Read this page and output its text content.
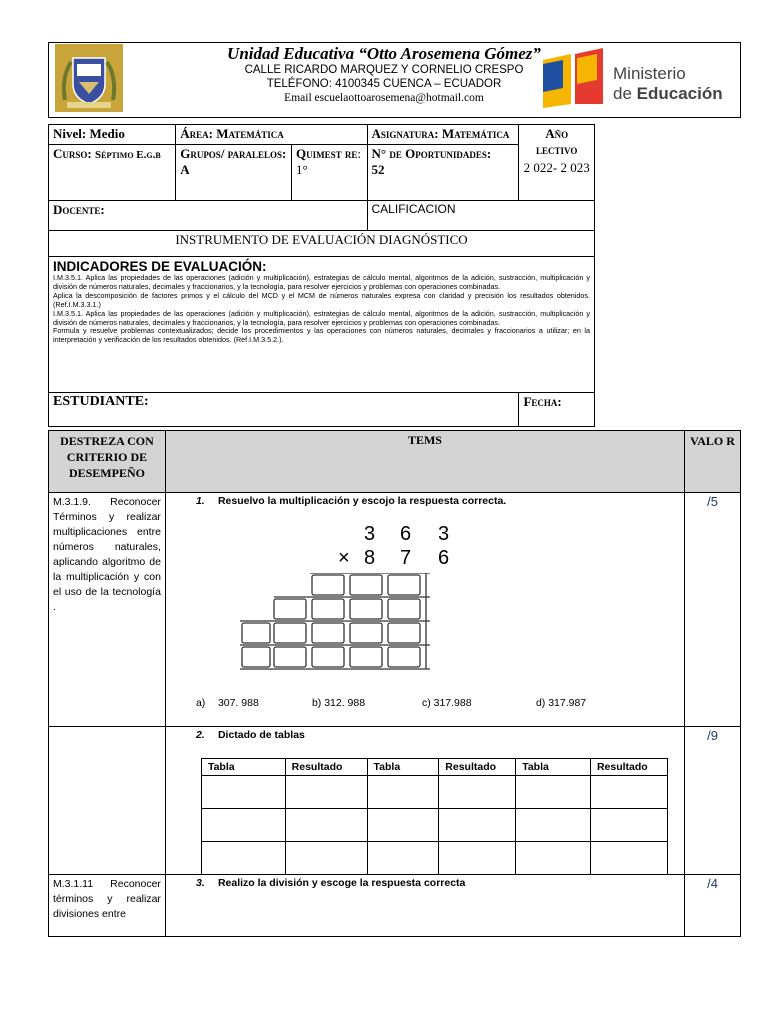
Unidad Educativa “Otto Arosemena Gómez”
CALLE RICARDO MARQUEZ Y CORNELIO CRESPO
TELÉFONO: 4100345 CUENCA – ECUADOR
Email escuelaottoarosemena@hotmail.com
Ministerio
de Educación
Nivel: Medio	Área: Matemática		Asignatura: Matemática	Año lectivo
2 022- 2 023

Curso: Séptimo E.g.b	Grupos/ paralelos: A	Quimest re: 1°	N° de Oportunidades:
52	
Docente:			CALIFICACION	
INSTRUMENTO DE EVALUACIÓN DIAGNÓSTICO				

INDICADORES DE EVALUACIÓN:

I.M.3.5.1. Aplica las propiedades de las operaciones (adición y multiplicación), estrategias de cálculo mental, algoritmos de la adición, sustracción, multiplicación y división de números naturales, decimales y fraccionarios, y la tecnología, para resolver ejercicios y problemas con operaciones combinadas.

Aplica la descomposición de factores primos y el cálculo del MCD y el MCM de números naturales expresa con claridad y precisión los resultados obtenidos. (Ref.I.M.3.3.1.)

I.M.3.5.1. Aplica las propiedades de las operaciones (adición y multiplicación), estrategias de cálculo mental, algoritmos de la adición, sustracción, multiplicación y división de números naturales, decimales y fraccionarios, y la tecnología, para resolver ejercicios y problemas con operaciones combinadas.

Formula y resuelve problemas contextualizados; decide los procedimientos y las operaciones con números naturales, decimales y fraccionarios a utilizar; en la interpretación y verificación de los resultados obtenidos. (Ref.I.M.3.5.2.).				

ESTUDIANTE:				Fecha:
DESTREZA CON CRITERIO DE DESEMPEÑO	TEMS	VALO R
M.3.1.9. Reconocer Términos y realizar multiplicaciones entre números naturales, aplicando algoritmo de la multiplicación y con el uso de la tecnología .	
1. Resuelvo la multiplicación y escojo la respuesta correcta.
3 6 3
× 8 7 6
a) 307. 988	b) 312. 988	c) 317.988	d) 317.987
	/5

2. Dictado de tablas
Tabla	Resultado	Tabla	Resultado	Tabla	Resultado

	/9
M.3.1.11 Reconocer términos y realizar divisiones entre	
3. Realizo la división y escoge la respuesta correcta	/4
